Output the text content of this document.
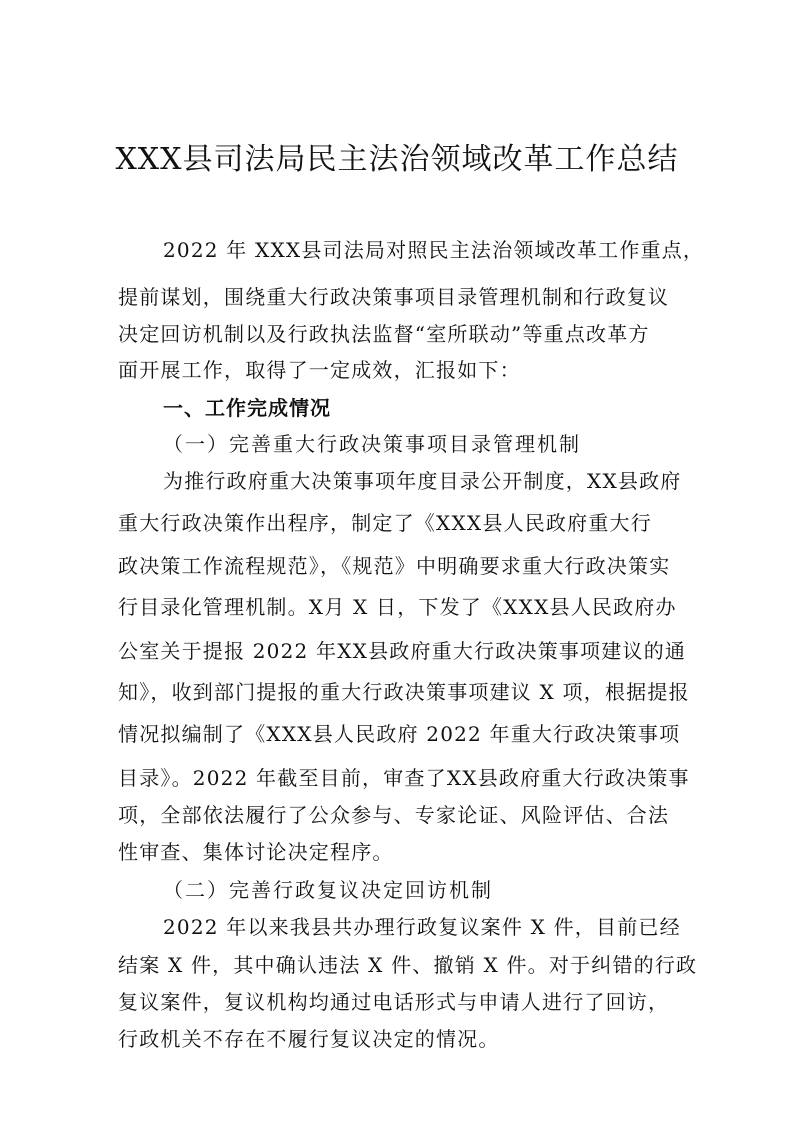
XXX县司法局民主法治领域改革工作总结
2022 年 XXX县司法局对照民主法治领域改革工作重点，
提前谋划，围绕重大行政决策事项目录管理机制和行政复议
决定回访机制以及行政执法监督“室所联动”等重点改革方
面开展工作，取得了一定成效，汇报如下：
一、工作完成情况
（一）完善重大行政决策事项目录管理机制
为推行政府重大决策事项年度目录公开制度，XX县政府
重大行政决策作出程序，制定了《XXX县人民政府重大行
政决策工作流程规范》，《规范》中明确要求重大行政决策实
行目录化管理机制。X月 X 日，下发了《XXX县人民政府办
公室关于提报 2022 年XX县政府重大行政决策事项建议的通
知》，收到部门提报的重大行政决策事项建议 X 项，根据提报
情况拟编制了《XXX县人民政府 2022 年重大行政决策事项
目录》。2022 年截至目前，审查了XX县政府重大行政决策事
项，全部依法履行了公众参与、专家论证、风险评估、合法
性审查、集体讨论决定程序。
（二）完善行政复议决定回访机制
2022 年以来我县共办理行政复议案件 X 件，目前已经
结案 X 件，其中确认违法 X 件、撤销 X 件。对于纠错的行政
复议案件，复议机构均通过电话形式与申请人进行了回访，
行政机关不存在不履行复议决定的情况。
